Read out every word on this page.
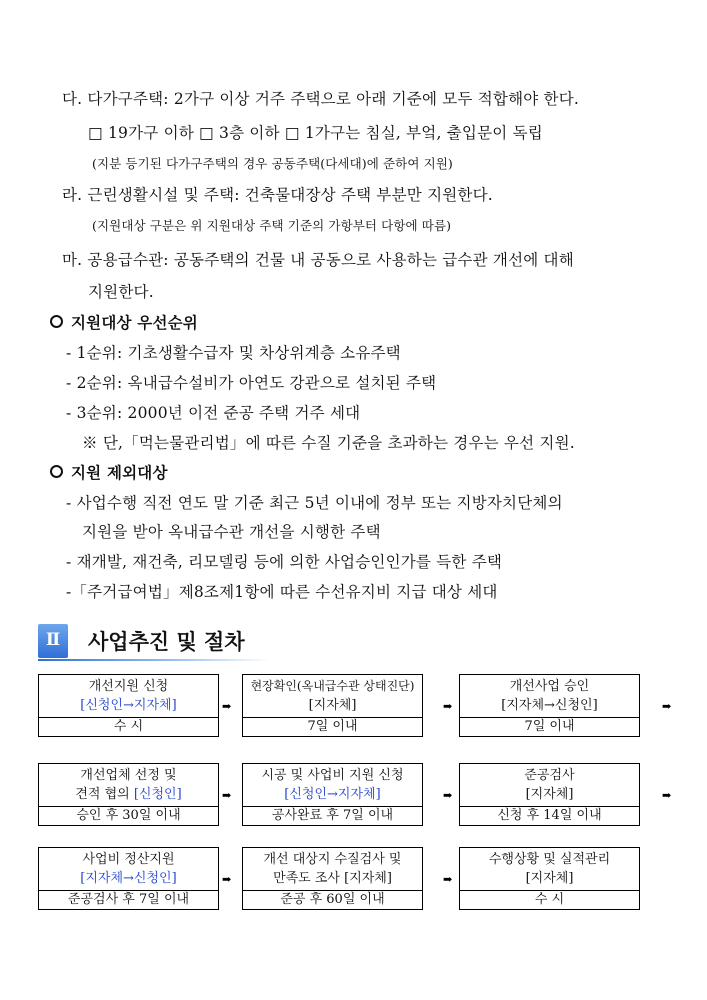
다. 다가구주택: 2가구 이상 거주 주택으로 아래 기준에 모두 적합해야 한다.
□ 19가구 이하 □ 3층 이하 □ 1가구는 침실, 부엌, 출입문이 독립
(지분 등기된 다가구주택의 경우 공동주택(다세대)에 준하여 지원)
라. 근린생활시설 및 주택: 건축물대장상 주택 부분만 지원한다.
(지원대상 구분은 위 지원대상 주택 기준의 가항부터 다항에 따름)
마. 공용급수관: 공동주택의 건물 내 공동으로 사용하는 급수관 개선에 대해
지원한다.
지원대상 우선순위
- 1순위: 기초생활수급자 및 차상위계층 소유주택
- 2순위: 옥내급수설비가 아연도 강관으로 설치된 주택
- 3순위: 2000년 이전 준공 주택 거주 세대
※ 단,「먹는물관리법」에 따른 수질 기준을 초과하는 경우는 우선 지원.
지원 제외대상
- 사업수행 직전 연도 말 기준 최근 5년 이내에 정부 또는 지방자치단체의
지원을 받아 옥내급수관 개선을 시행한 주택
- 재개발, 재건축, 리모델링 등에 의한 사업승인인가를 득한 주택
-「주거급여법」제8조제1항에 따른 수선유지비 지급 대상 세대
Ⅱ	사업추진 및 절차
개선지원 신청
[신청인→지자체]
수 시
➡
현장확인(옥내급수관 상태진단)
[지자체]
7일 이내
➡
개선사업 승인
[지자체→신청인]
7일 이내
➡
개선업체 선정 및
견적 협의 [신청인]
승인 후 30일 이내
➡
시공 및 사업비 지원 신청
[신청인→지자체]
공사완료 후 7일 이내
➡
준공검사
[지자체]
신청 후 14일 이내
➡
사업비 정산지원
[지자체→신청인]
준공검사 후 7일 이내
➡
개선 대상지 수질검사 및
만족도 조사 [지자체]
준공 후 60일 이내
➡
수행상황 및 실적관리
[지자체]
수 시
